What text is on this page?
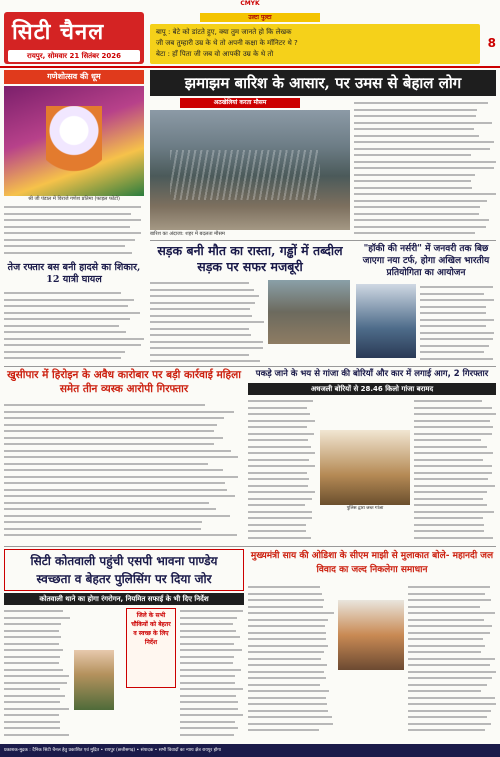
CMYK
सिटी चैनल
रायपुर, सोमवार 21 सितंबर 2026
उल्टा पुल्टा
बापू : बेटे को डांटते हुए, क्या तुम जानते हो कि लेखक
जी जब तुम्हारी उम्र के थे तो अपनी कक्षा के मॉनिटर थे ?
बेटा : हाँ पिता जी जब वो आपकी उम्र के थे तो
8
गणेशोत्सव की धूम
श्री जी पंडाल में विराजे गणेश प्रतिमा (फाइल फोटो)
तेज रफ्तार बस बनी हादसे का शिकार, 12 यात्री घायल
झमाझम बारिश के आसार, पर उमस से बेहाल लोग
अठखेलियां करता मौसम
बारिश का अंदाजा: शहर में बदलता मौसम
सड़क बनी मौत का रास्ता, गड्ढों में तब्दील सड़क पर सफर मजबूरी
"हॉकी की नर्सरी" में जनवरी तक बिछ जाएगा नया टर्फ, होगा अखिल भारतीय प्रतियोगिता का आयोजन
खुसीपार में हिरोइन के अवैध कारोबार पर बड़ी कार्रवाई महिला समेत तीन व्यस्क आरोपी गिरफ्तार
पकड़े जाने के भय से गांजा की बोरियाँ और कार में लगाई आग, 2 गिरफ्तार
अधजली बोरियों से 28.46 किलो गांजा बरामद
पुलिस द्वारा जब्त गांजा
सिटी कोतवाली पहुंची एसपी भावना पाण्डेय
स्वच्छता व बेहतर पुलिसिंग पर दिया जोर
कोतवाली थाने का होगा रंगरोगन, नियमित सफाई के भी दिए निर्देश
जिले के सभी चौकियों को बेहतर व स्वच्छ के लिए निर्देश
मुख्यमंत्री साय की ओडिशा के सीएम माझी से मुलाकात बोले- महानदी जल विवाद का जल्द निकलेगा समाधान
प्रकाशक-मुद्रक : दैनिक सिटी चैनल हेतु प्रकाशित एवं मुद्रित • रायपुर (छत्तीसगढ़) • संपादक • सभी विवादों का न्याय क्षेत्र रायपुर होगा
